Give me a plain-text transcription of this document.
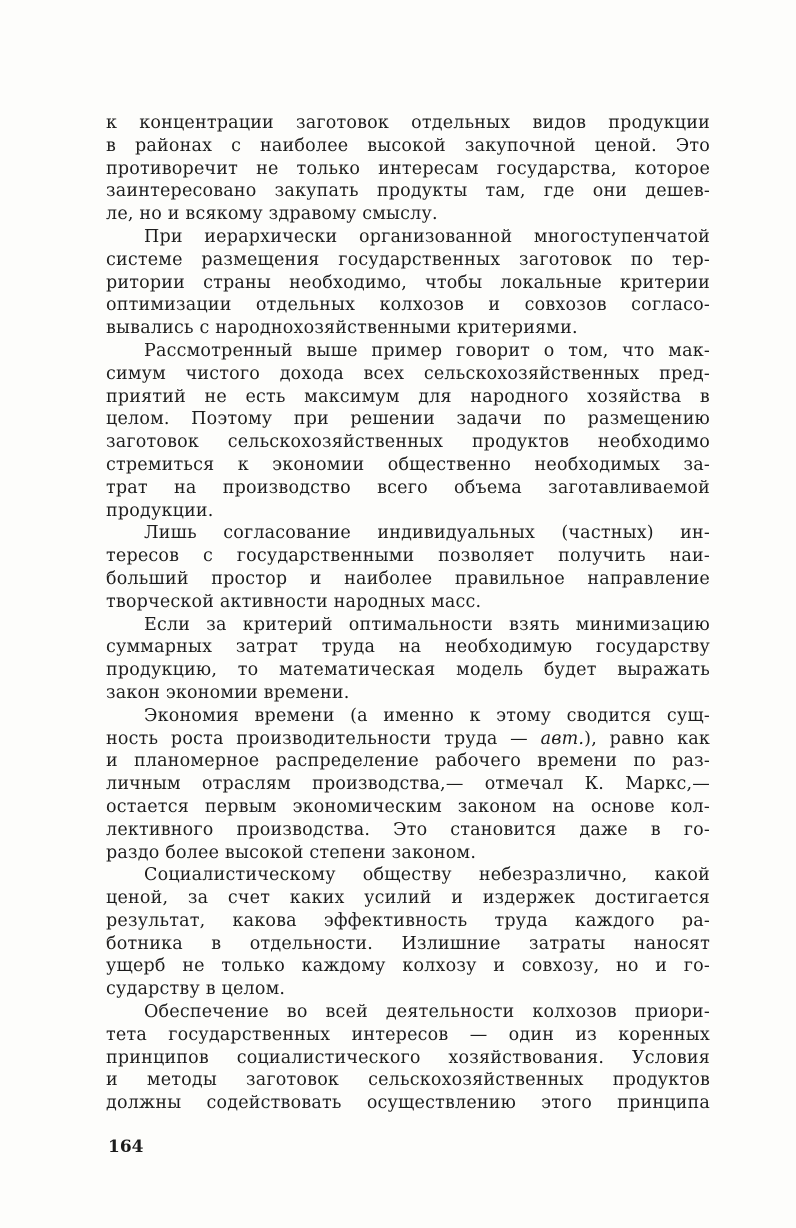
к концентрации заготовок отдельных видов продукции
в районах с наиболее высокой закупочной ценой. Это
противоречит не только интересам государства, которое
заинтересовано закупать продукты там, где они дешев-
ле, но и всякому здравому смыслу.

При иерархически организованной многоступенчатой
системе размещения государственных заготовок по тер-
ритории страны необходимо, чтобы локальные критерии
оптимизации отдельных колхозов и совхозов согласо-
вывались с народнохозяйственными критериями.

Рассмотренный выше пример говорит о том, что мак-
симум чистого дохода всех сельскохозяйственных пред-
приятий не есть максимум для народного хозяйства в
целом. Поэтому при решении задачи по размещению
заготовок сельскохозяйственных продуктов необходимо
стремиться к экономии общественно необходимых за-
трат на производство всего объема заготавливаемой
продукции.

Лишь согласование индивидуальных (частных) ин-
тересов с государственными позволяет получить наи-
больший простор и наиболее правильное направление
творческой активности народных масс.

Если за критерий оптимальности взять минимизацию
суммарных затрат труда на необходимую государству
продукцию, то математическая модель будет выражать
закон экономии времени.

Экономия времени (а именно к этому сводится сущ-
ность роста производительности труда — авт.), равно как
и планомерное распределение рабочего времени по раз-
личным отраслям производства,— отмечал К. Маркс,—
остается первым экономическим законом на основе кол-
лективного производства. Это становится даже в го-
раздо более высокой степени законом.

Социалистическому обществу небезразлично, какой
ценой, за счет каких усилий и издержек достигается
результат, какова эффективность труда каждого ра-
ботника в отдельности. Излишние затраты наносят
ущерб не только каждому колхозу и совхозу, но и го-
сударству в целом.

Обеспечение во всей деятельности колхозов приори-
тета государственных интересов — один из коренных
принципов социалистического хозяйствования. Условия
и методы заготовок сельскохозяйственных продуктов
должны содействовать осуществлению этого принципа

164
